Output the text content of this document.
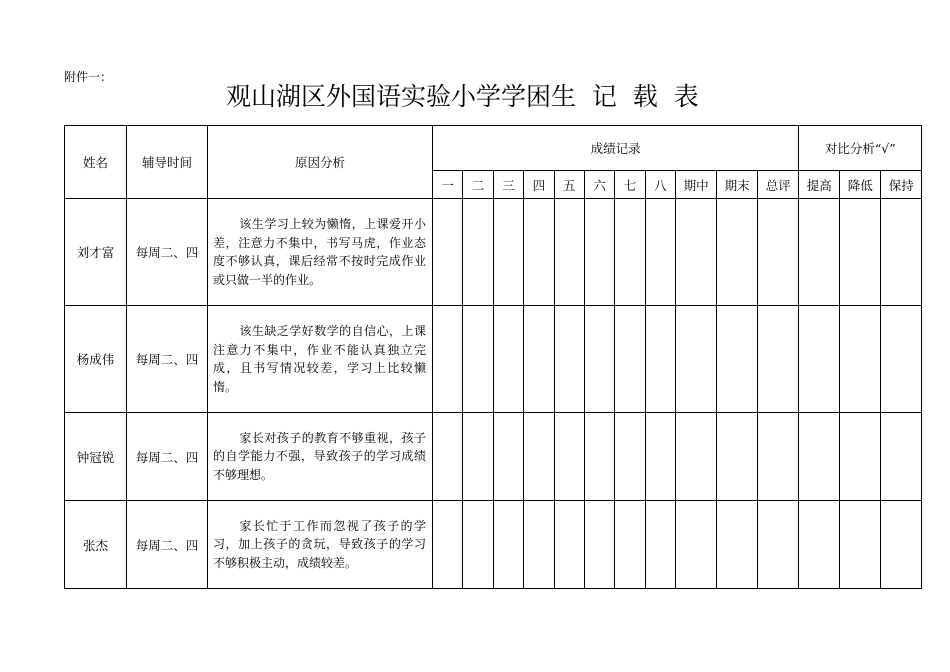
附件一：
观山湖区外国语实验小学学困生  记  载  表
姓名	辅导时间	原因分析	成绩记录											对比分析“√”		
			一	二	三	四	五	六	七	八	期中	期末	总评	提高	降低	保持
刘才富	每周二、四	该生学习上较为懒惰，上课爱开小差，注意力不集中，书写马虎，作业态度不够认真，课后经常不按时完成作业或只做一半的作业。														

杨成伟	每周二、四	该生缺乏学好数学的自信心，上课注意力不集中，作业不能认真独立完成，且书写情况较差，学习上比较懒惰。														

钟冠锐	每周二、四	家长对孩子的教育不够重视，孩子的自学能力不强，导致孩子的学习成绩不够理想。														

张杰	每周二、四	家长忙于工作而忽视了孩子的学习，加上孩子的贪玩，导致孩子的学习不够积极主动，成绩较差。														
